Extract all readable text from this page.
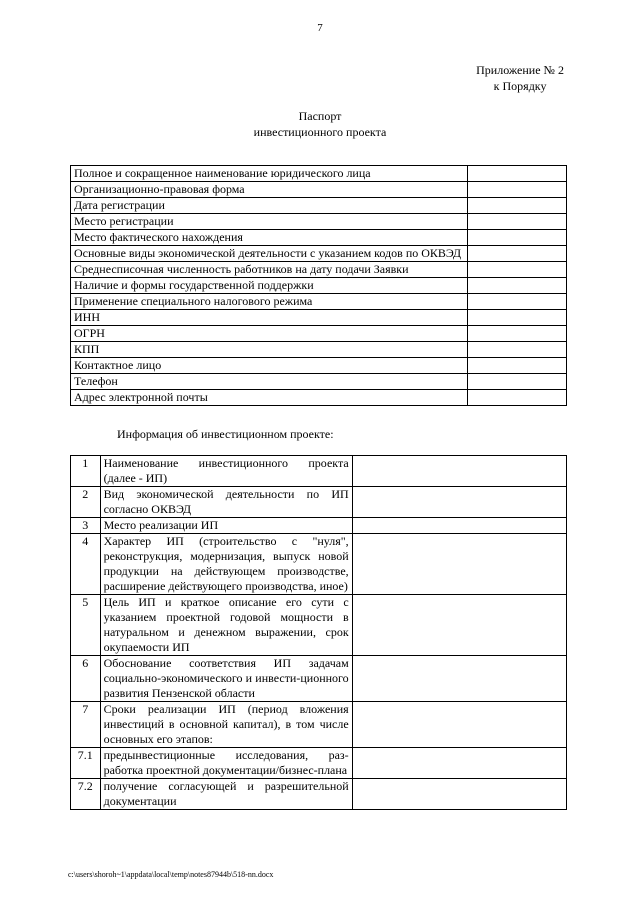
7
Приложение № 2
к Порядку
Паспорт
инвестиционного проекта
Полное и сокращенное наименование юридического лица	
Организационно-правовая форма	
Дата регистрации	
Место регистрации	
Место фактического нахождения	
Основные виды экономической деятельности с указанием кодов по ОКВЭД	
Среднесписочная численность работников на дату подачи Заявки	
Наличие и формы государственной поддержки	
Применение специального налогового режима	
ИНН	
ОГРН	
КПП	
Контактное лицо	
Телефон	
Адрес электронной почты	
Информация об инвестиционном проекте:
1	Наименование инвестиционного проекта (далее - ИП)	
2	Вид экономической деятельности по ИП согласно ОКВЭД	
3	Место реализации ИП	
4	Характер ИП (строительство с "нуля", реконструкция, модернизация, выпуск новой продукции на действующем производстве, расширение действующего производства, иное)	
5	Цель ИП и краткое описание его сути с указанием проектной годовой мощности в натуральном и денежном выражении, срок окупаемости ИП	
6	Обоснование соответствия ИП задачам социально-экономического и инвести-ционного развития Пензенской области	
7	Сроки реализации ИП (период вложения инвестиций в основной капитал), в том числе основных его этапов:	
7.1	предынвестиционные исследования, раз-работка проектной документации/бизнес-плана	
7.2	получение согласующей и разрешительной документации	
c:\users\shoroh~1\appdata\local\temp\notes87944b\518-nn.docx
